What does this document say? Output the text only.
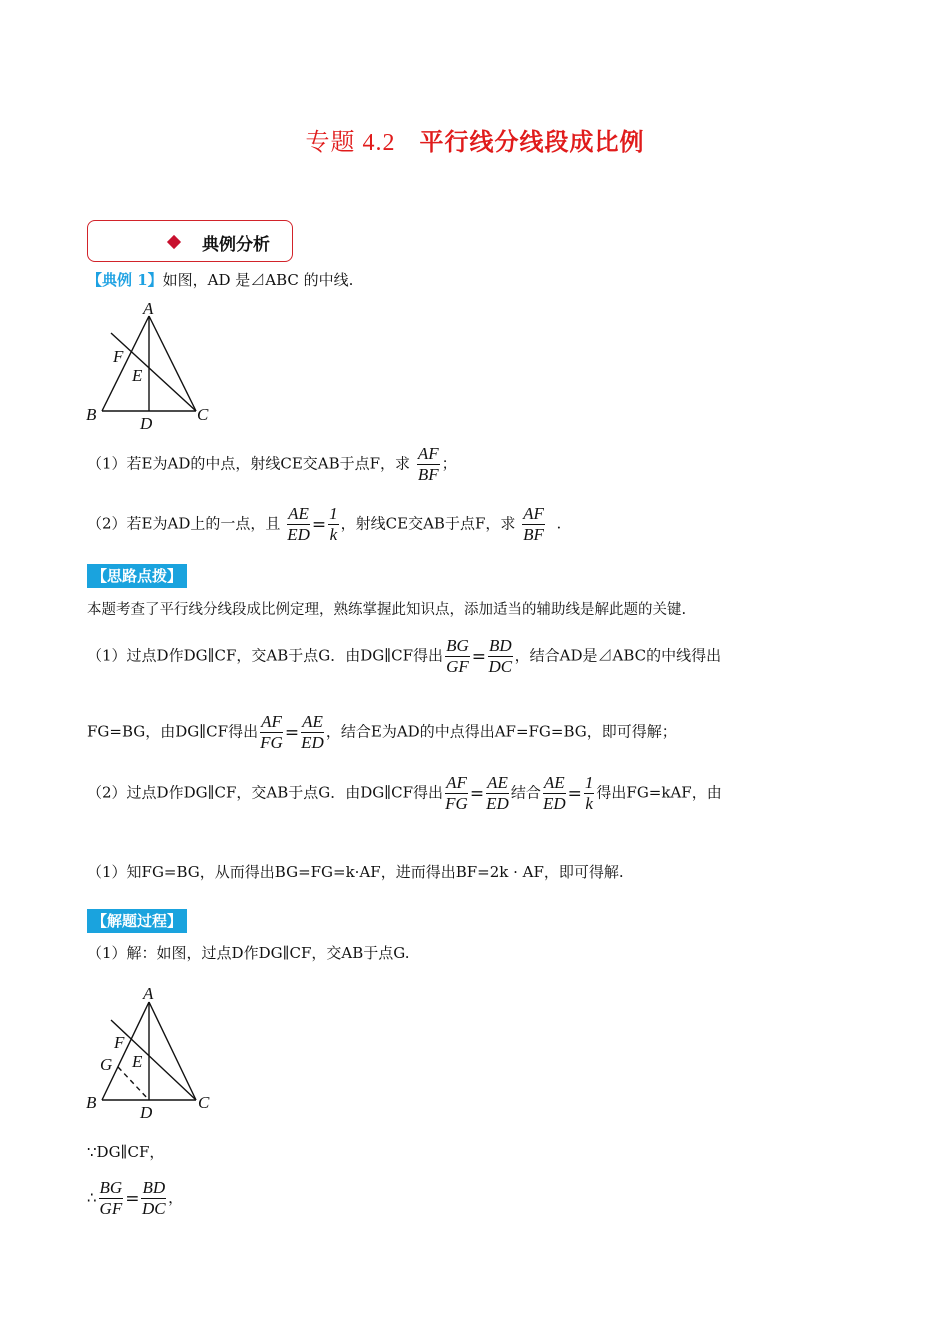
专题 4.2 平行线分线段成比例
典例分析
【典例 1】如图，AD 是⊿ABC 的中线.
A
F
E
B	C
D
（1）若E为AD的中点，射线CE交AB于点F，求 $\frac{AF}{BF}$ ；
（2）若E为AD上的一点，且 $\frac{AE}{ED} = \frac{1}{k}$ ，射线CE交AB于点F，求 $\frac{AF}{BF}$ .
【思路点拨】
本题考查了平行线分线段成比例定理，熟练掌握此知识点，添加适当的辅助线是解此题的关键.
（1）过点D作DG∥CF，交AB于点G．由DG∥CF得出 $\frac{BG}{GF} = \frac{BD}{DC}$ ，结合AD是⊿ABC的中线得出
FG=BG，由DG∥CF得出 $\frac{AF}{FG} = \frac{AE}{ED}$ ，结合E为AD的中点得出AF=FG=BG，即可得解；
（2）过点D作DG∥CF，交AB于点G．由DG∥CF得出 $\frac{AF}{FG} = \frac{AE}{ED}$ 结合 $\frac{AE}{ED} = \frac{1}{k}$ 得出FG=kAF，由
（1）知FG=BG，从而得出BG=FG=k·AF，进而得出BF=2k · AF，即可得解.
【解题过程】
（1）解：如图，过点D作DG∥CF，交AB于点G.
A
F
G E
B	C
D
∵DG∥CF，
∴ $\frac{BG}{GF} = \frac{BD}{DC}$ ，
